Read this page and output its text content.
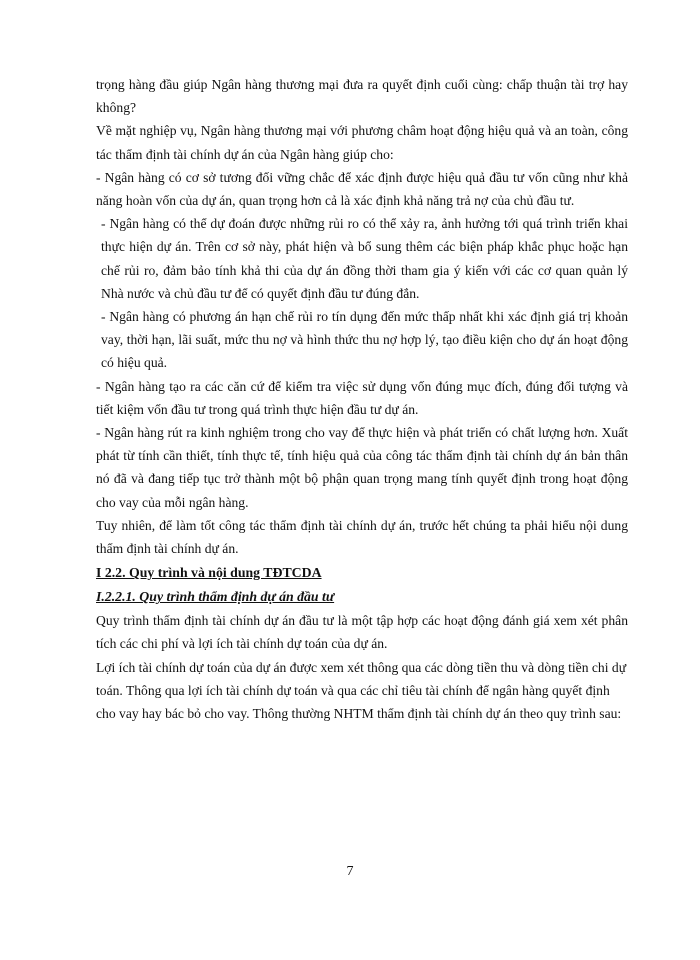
trọng hàng đầu giúp Ngân hàng thương mại đưa ra quyết định cuối cùng: chấp thuận tài trợ hay không?

Về mặt nghiệp vụ, Ngân hàng thương mại với phương châm hoạt động hiệu quả và an toàn, công tác thẩm định tài chính dự án của Ngân hàng giúp cho:

- Ngân hàng có cơ sở tương đối vững chắc để xác định được hiệu quả đầu tư vốn cũng như khả năng hoàn vốn của dự án, quan trọng hơn cả là xác định khả năng trả nợ của chủ đầu tư.

- Ngân hàng có thể dự đoán được những rủi ro có thể xảy ra, ảnh hưởng tới quá trình triển khai thực hiện dự án. Trên cơ sở này, phát hiện và bổ sung thêm các biện pháp khắc phục hoặc hạn chế rủi ro, đảm bảo tính khả thi của dự án đồng thời tham gia ý kiến với các cơ quan quản lý Nhà nước và chủ đầu tư để có quyết định đầu tư đúng đắn.

- Ngân hàng có phương án hạn chế rủi ro tín dụng đến mức thấp nhất khi xác định giá trị khoản vay, thời hạn, lãi suất, mức thu nợ và hình thức thu nợ hợp lý, tạo điều kiện cho dự án hoạt động có hiệu quả.

- Ngân hàng tạo ra các căn cứ để kiểm tra việc sử dụng vốn đúng mục đích, đúng đối tượng và tiết kiệm vốn đầu tư trong quá trình thực hiện đầu tư dự án.

- Ngân hàng rút ra kinh nghiệm trong cho vay để thực hiện và phát triển có chất lượng hơn. Xuất phát từ tính cần thiết, tính thực tế, tính hiệu quả của công tác thẩm định tài chính dự án bản thân nó đã và đang tiếp tục trở thành một bộ phận quan trọng mang tính quyết định trong hoạt động cho vay của mỗi ngân hàng.

Tuy nhiên, để làm tốt công tác thẩm định tài chính dự án, trước hết chúng ta phải hiểu nội dung thẩm định tài chính dự án.

I 2.2. Quy trình và nội dung TĐTCDA

I.2.2.1. Quy trình thẩm định dự án đầu tư

Quy trình thẩm định tài chính dự án đầu tư là một tập hợp các hoạt động đánh giá xem xét phân tích các chi phí và lợi ích tài chính dự toán của dự án.

Lợi ích tài chính dự toán của dự án được xem xét thông qua các dòng tiền thu và dòng tiền chi dự toán. Thông qua lợi ích tài chính dự toán và qua các chỉ tiêu tài chính để ngân hàng quyết định cho vay hay bác bỏ cho vay. Thông thường NHTM thẩm định tài chính dự án theo quy trình sau:

7
